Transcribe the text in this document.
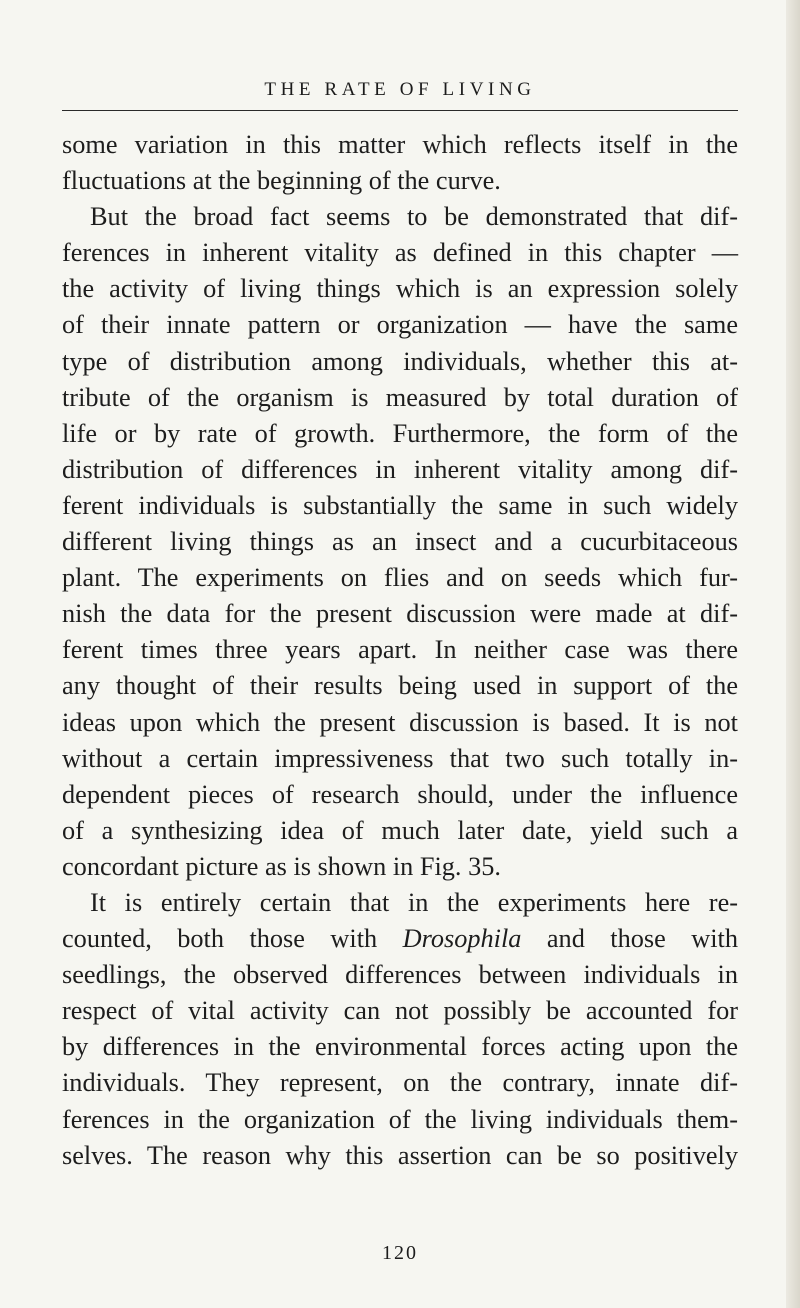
THE RATE OF LIVING
some variation in this matter which reflects itself in the
fluctuations at the beginning of the curve.
But the broad fact seems to be demonstrated that dif-
ferences in inherent vitality as defined in this chapter —
the activity of living things which is an expression solely
of their innate pattern or organization — have the same
type of distribution among individuals, whether this at-
tribute of the organism is measured by total duration of
life or by rate of growth. Furthermore, the form of the
distribution of differences in inherent vitality among dif-
ferent individuals is substantially the same in such widely
different living things as an insect and a cucurbitaceous
plant. The experiments on flies and on seeds which fur-
nish the data for the present discussion were made at dif-
ferent times three years apart. In neither case was there
any thought of their results being used in support of the
ideas upon which the present discussion is based. It is not
without a certain impressiveness that two such totally in-
dependent pieces of research should, under the influence
of a synthesizing idea of much later date, yield such a
concordant picture as is shown in Fig. 35.
It is entirely certain that in the experiments here re-
counted, both those with Drosophila and those with
seedlings, the observed differences between individuals in
respect of vital activity can not possibly be accounted for
by differences in the environmental forces acting upon the
individuals. They represent, on the contrary, innate dif-
ferences in the organization of the living individuals them-
selves. The reason why this assertion can be so positively
120
